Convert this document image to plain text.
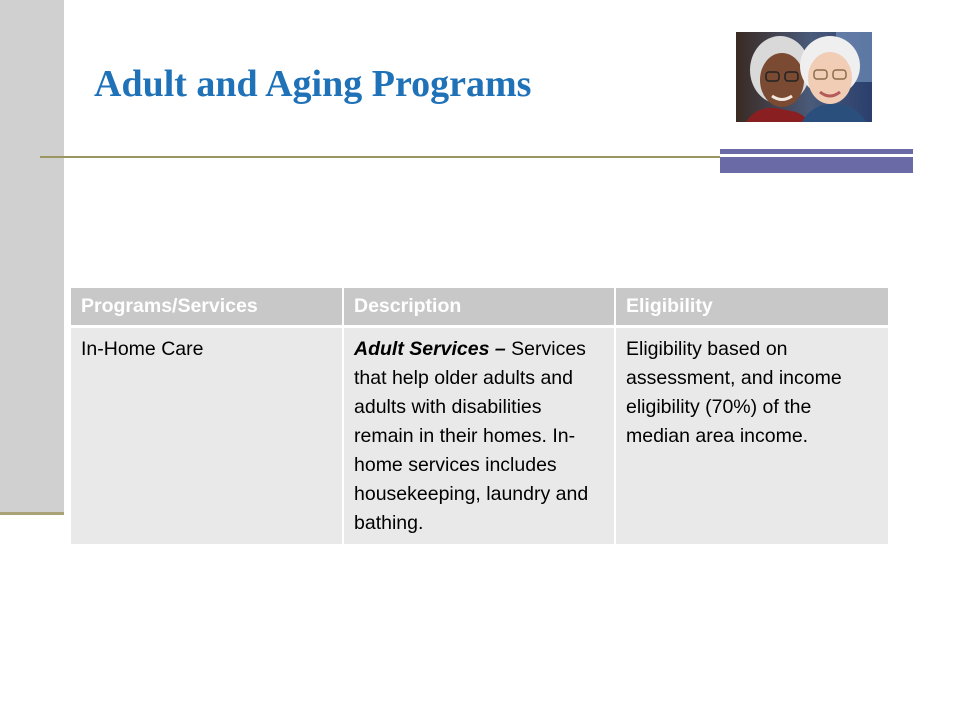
Adult and Aging Programs
Programs/Services	Description	Eligibility
In-Home Care	Adult Services – Services that help older adults and adults with disabilities remain in their homes. In-home services includes housekeeping, laundry and bathing.	Eligibility based on assessment, and income eligibility (70%) of the median area income.
